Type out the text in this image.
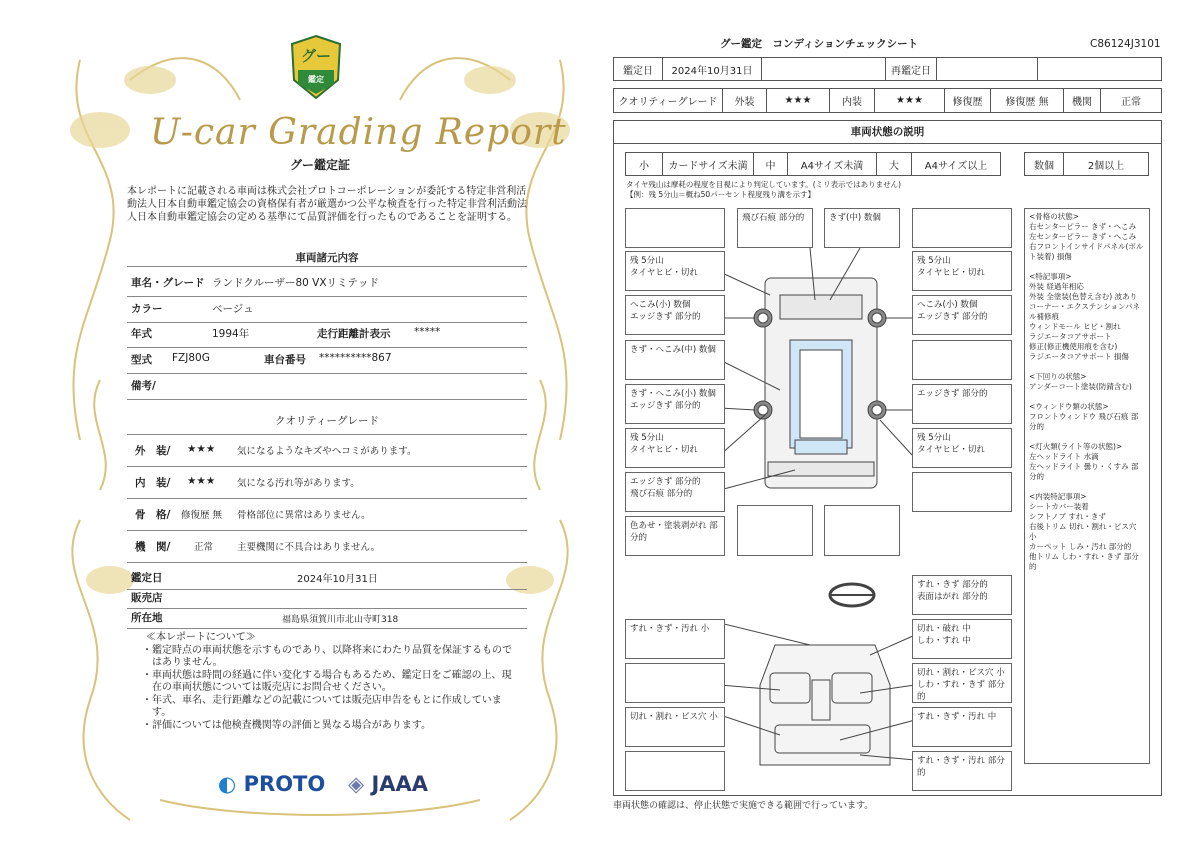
グー
鑑定
U-car Grading Report
グー鑑定証
本レポートに記載される車両は株式会社プロトコーポレーションが委託する特定非営利活動法人日本自動車鑑定協会の資格保有者が厳選かつ公平な検査を行った特定非営利活動法人日本自動車鑑定協会の定める基準にて品質評価を行ったものであることを証明する。
車両諸元内容
車名・グレード ランドクルーザー80 VXリミテッド
カラー	ベージュ
年式	1994年	走行距離計表示 *****
型式 FZJ80G	車台番号 **********867
備考/
クオリティーグレード
外　装/ ★★★ 気になるようなキズやヘコミがあります。
内　装/ ★★★ 気になる汚れ等があります。
骨　格/ 修復歴 無 骨格部位に異常はありません。
機　関/ 正常	主要機関に不具合はありません。
鑑定日	2024年10月31日
販売店
所在地	福島県須賀川市北山寺町318
≪本レポートについて≫
・鑑定時点の車両状態を示すものであり、以降将来にわたり品質を保証するものではありません。
・車両状態は時間の経過に伴い変化する場合もあるため、鑑定日をご確認の上、現在の車両状態については販売店にお問合せください。
・年式、車名、走行距離などの記載については販売店申告をもとに作成しています。
・評価については他検査機関等の評価と異なる場合があります。
◐ PROTO ◈ JAAA
グー鑑定　コンディションチェックシート	C86124J3101
鑑定日	2024年10月31日	再鑑定日
クオリティーグレード	外装	★★★	内装	★★★	修復歴	修復歴 無	機関	正常
車両状態の説明
小	カードサイズ未満	中	A4サイズ未満	大	A4サイズ以上	数個	2個以上
タイヤ残山は摩耗の程度を目視により判定しています。(ミリ表示ではありません)
【例：残 5分山＝概ね50パーセント程度残り溝を示す】
飛び石痕 部分的	きず(中) 数個
残 5分山
タイヤヒビ・切れ
残 5分山
タイヤヒビ・切れ
へこみ(小) 数個
エッジきず 部分的
へこみ(小) 数個
エッジきず 部分的
きず・へこみ(中) 数個
きず・へこみ(小) 数個
エッジきず 部分的
エッジきず 部分的
残 5分山
タイヤヒビ・切れ
残 5分山
タイヤヒビ・切れ
エッジきず 部分的
飛び石痕 部分的
色あせ・塗装剥がれ 部分的
<骨格の状態>
右センターピラー きず・へこみ
左センターピラー きず・へこみ
右フロントインサイドパネル(ボルト装着) 損傷

<特記事項>
外装 経過年相応
外装 全塗装(色替え含む) 波あり
コーナー・エクステンションパネル補修痕
ウィンドモール ヒビ・割れ
ラジエータコアサポート
修正(修正機使用痕を含む)
ラジエータコアサポート 損傷

<下回りの状態>
アンダーコート塗装(防錆含む)

<ウィンドウ類の状態>
フロントウィンドウ 飛び石痕 部分的

<灯火類(ライト等の状態)>
左ヘッドライト 水滴
左ヘッドライト 曇り・くすみ 部分的

<内装特記事項>
シートカバー装着
シフトノブ すれ・きず
右後トリム 切れ・割れ・ビス穴 小
カーペット しみ・汚れ 部分的
他トリム しわ・すれ・きず 部分的
すれ・きず 部分的
表面はがれ 部分的
すれ・きず・汚れ 小	切れ・破れ 中
しわ・すれ 中
切れ・割れ・ビス穴 小
しわ・すれ・きず 部分的
切れ・割れ・ビス穴 小	すれ・きず・汚れ 中
すれ・きず・汚れ 部分的
車両状態の確認は、停止状態で実施できる範囲で行っています。
